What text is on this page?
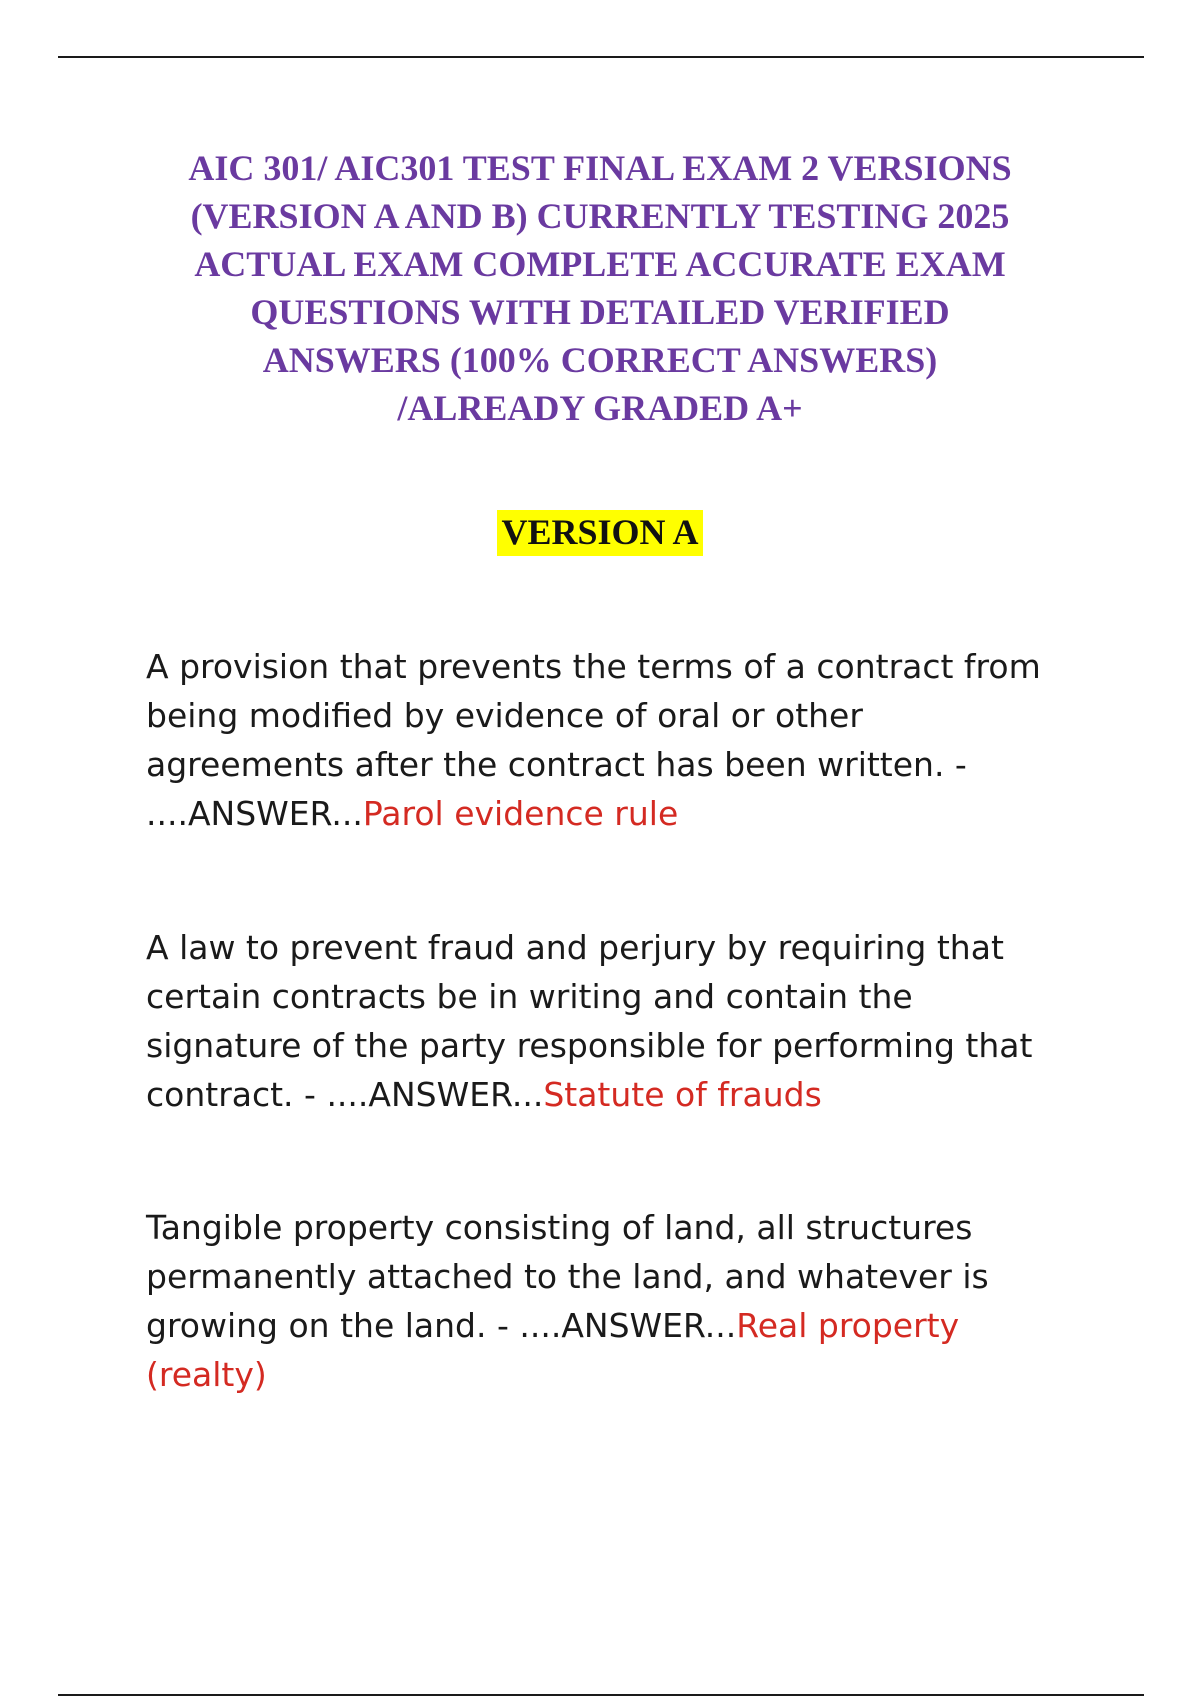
AIC 301/ AIC301 TEST FINAL EXAM 2 VERSIONS
(VERSION A AND B) CURRENTLY TESTING 2025
ACTUAL EXAM COMPLETE ACCURATE EXAM
QUESTIONS WITH DETAILED VERIFIED
ANSWERS (100% CORRECT ANSWERS)
/ALREADY GRADED A+
VERSION A

A provision that prevents the terms of a contract from being modified by evidence of oral or other agreements after the contract has been written. - ....ANSWER...Parol evidence rule

A law to prevent fraud and perjury by requiring that certain contracts be in writing and contain the signature of the party responsible for performing that contract. - ....ANSWER...Statute of frauds

Tangible property consisting of land, all structures permanently attached to the land, and whatever is growing on the land. - ....ANSWER...Real property (realty)
